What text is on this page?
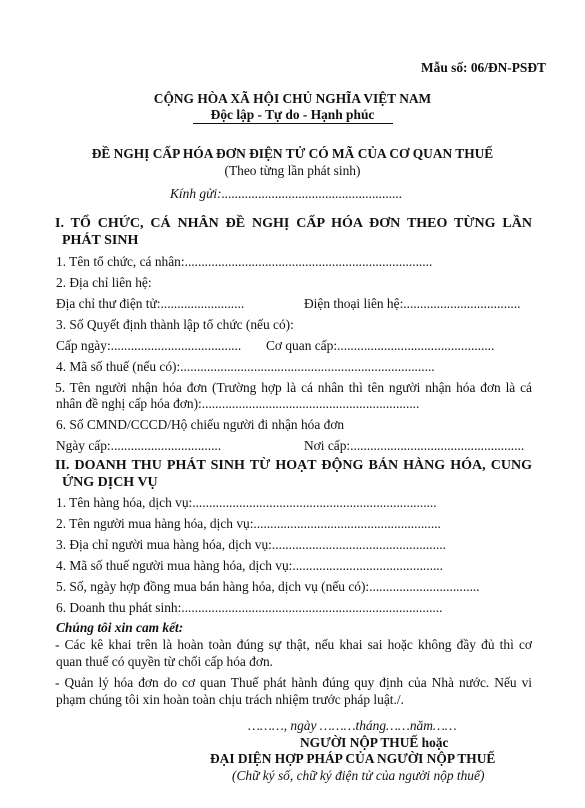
Mẫu số: 06/ĐN-PSĐT
CỘNG HÒA XÃ HỘI CHỦ NGHĨA VIỆT NAM
Độc lập - Tự do - Hạnh phúc
ĐỀ NGHỊ CẤP HÓA ĐƠN ĐIỆN TỬ CÓ MÃ CỦA CƠ QUAN THUẾ
(Theo từng lần phát sinh)
Kính gửi:......................................................
I. TỔ CHỨC, CÁ NHÂN ĐỀ NGHỊ CẤP HÓA ĐƠN THEO TỪNG LẦN
PHÁT SINH
1. Tên tổ chức, cá nhân:..........................................................................
2. Địa chỉ liên hệ:
Địa chỉ thư điện tử:.........................	Điện thoại liên hệ:...................................
3. Số Quyết định thành lập tổ chức (nếu có):
Cấp ngày:....................................... Cơ quan cấp:...............................................
4. Mã số thuế (nếu có):............................................................................
5. Tên người nhận hóa đơn (Trường hợp là cá nhân thì tên người nhận hóa đơn là cá
nhân đề nghị cấp hóa đơn):.................................................................
6. Số CMND/CCCD/Hộ chiếu người đi nhận hóa đơn
Ngày cấp:.................................	Nơi cấp:....................................................
II. DOANH THU PHÁT SINH TỪ HOẠT ĐỘNG BÁN HÀNG HÓA, CUNG
ỨNG DỊCH VỤ
1. Tên hàng hóa, dịch vụ:.........................................................................
2. Tên người mua hàng hóa, dịch vụ:........................................................
3. Địa chỉ người mua hàng hóa, dịch vụ:....................................................
4. Mã số thuế người mua hàng hóa, dịch vụ:.............................................
5. Số, ngày hợp đồng mua bán hàng hóa, dịch vụ (nếu có):.................................
6. Doanh thu phát sinh:..............................................................................
Chúng tôi xin cam kết:
- Các kê khai trên là hoàn toàn đúng sự thật, nếu khai sai hoặc không đầy đủ thì cơ
quan thuế có quyền từ chối cấp hóa đơn.
- Quản lý hóa đơn do cơ quan Thuế phát hành đúng quy định của Nhà nước. Nếu vi
phạm chúng tôi xin hoàn toàn chịu trách nhiệm trước pháp luật./.
………, ngày ………tháng……năm……
NGƯỜI NỘP THUẾ hoặc
ĐẠI DIỆN HỢP PHÁP CỦA NGƯỜI NỘP THUẾ
(Chữ ký số, chữ ký điện tử của người nộp thuế)
